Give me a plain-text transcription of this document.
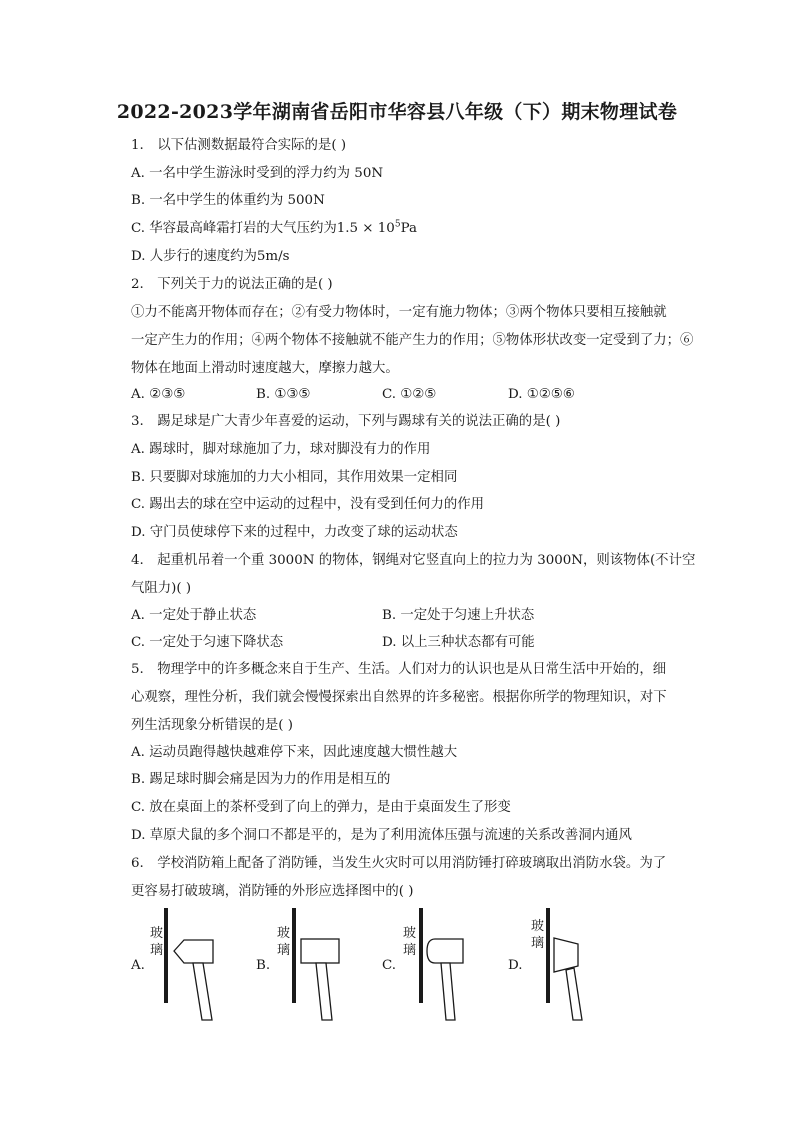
2022-2023学年湖南省岳阳市华容县八年级（下）期末物理试卷
1. 以下估测数据最符合实际的是( )
A. 一名中学生游泳时受到的浮力约为 50N
B. 一名中学生的体重约为 500N
C. 华容最高峰霜打岩的大气压约为$1.5 \times 10^5Pa$
D. 人步行的速度约为5m/s
2. 下列关于力的说法正确的是( )
①力不能离开物体而存在；②有受力物体时，一定有施力物体；③两个物体只要相互接触就
一定产生力的作用；④两个物体不接触就不能产生力的作用；⑤物体形状改变一定受到了力；⑥
物体在地面上滑动时速度越大，摩擦力越大。
A. ②③⑤	B. ①③⑤	C. ①②⑤	D. ①②⑤⑥
3. 踢足球是广大青少年喜爱的运动，下列与踢球有关的说法正确的是( )
A. 踢球时，脚对球施加了力，球对脚没有力的作用
B. 只要脚对球施加的力大小相同，其作用效果一定相同
C. 踢出去的球在空中运动的过程中，没有受到任何力的作用
D. 守门员使球停下来的过程中，力改变了球的运动状态
4. 起重机吊着一个重 3000N 的物体，钢绳对它竖直向上的拉力为 3000N，则该物体(不计空
气阻力)( )
A. 一定处于静止状态	B. 一定处于匀速上升状态
C. 一定处于匀速下降状态	D. 以上三种状态都有可能
5. 物理学中的许多概念来自于生产、生活。人们对力的认识也是从日常生活中开始的，细
心观察，理性分析，我们就会慢慢探索出自然界的许多秘密。根据你所学的物理知识，对下
列生活现象分析错误的是( )
A. 运动员跑得越快越难停下来，因此速度越大惯性越大
B. 踢足球时脚会痛是因为力的作用是相互的
C. 放在桌面上的茶杯受到了向上的弹力，是由于桌面发生了形变
D. 草原犬鼠的多个洞口不都是平的，是为了利用流体压强与流速的关系改善洞内通风
6. 学校消防箱上配备了消防锤，当发生火灾时可以用消防锤打碎玻璃取出消防水袋。为了
更容易打破玻璃，消防锤的外形应选择图中的( )
A.
玻
璃
B.
玻
璃
C.
玻
璃
D.
玻
璃
